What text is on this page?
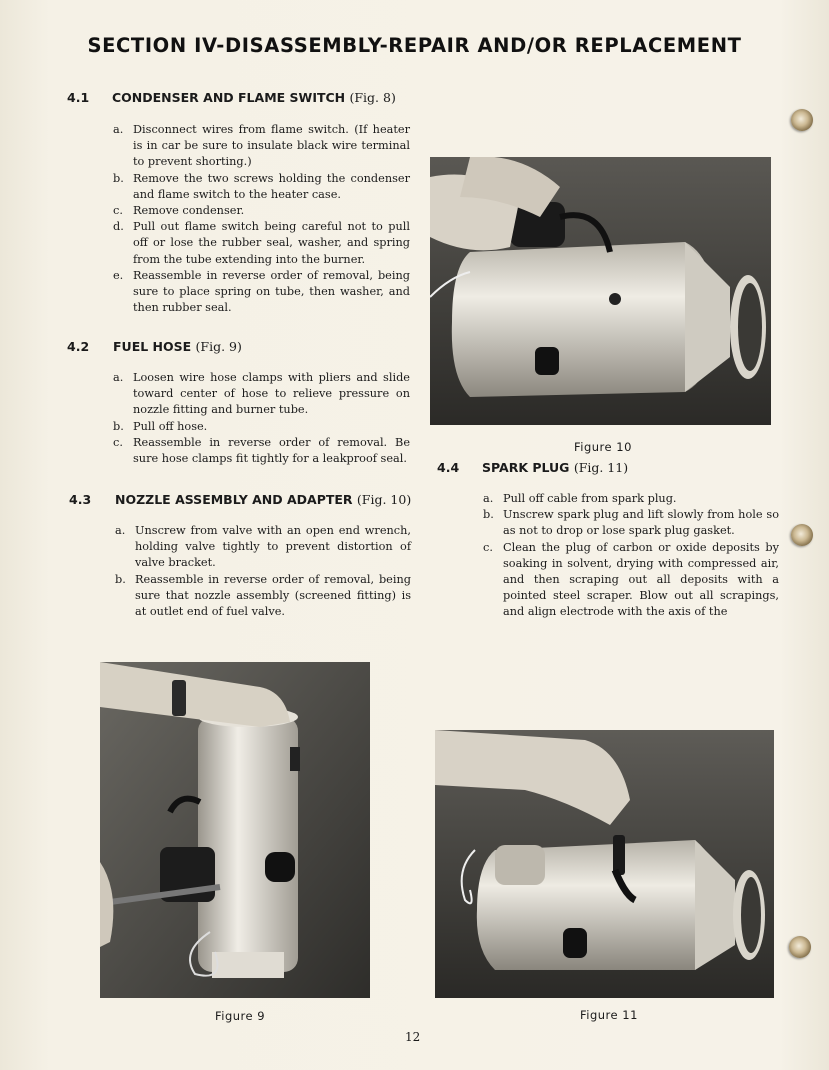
SECTION IV-DISASSEMBLY-REPAIR AND/OR REPLACEMENT
4.1 CONDENSER AND FLAME SWITCH (Fig. 8)
a. Disconnect wires from flame switch. (If heater is in car be sure to insulate black wire terminal to prevent shorting.)
b. Remove the two screws holding the condenser and flame switch to the heater case.
c. Remove condenser.
d. Pull out flame switch being careful not to pull off or lose the rubber seal, washer, and spring from the tube extending into the burner.
e. Reassemble in reverse order of removal, being sure to place spring on tube, then washer, and then rubber seal.
4.2 FUEL HOSE (Fig. 9)
a. Loosen wire hose clamps with pliers and slide toward center of hose to relieve pressure on nozzle fitting and burner tube.
b. Pull off hose.
c. Reassemble in reverse order of removal. Be sure hose clamps fit tightly for a leakproof seal.
4.3 NOZZLE ASSEMBLY AND ADAPTER (Fig. 10)
a. Unscrew from valve with an open end wrench, holding valve tightly to prevent distortion of valve bracket.
b. Reassemble in reverse order of removal, being sure that nozzle assembly (screened fitting) is at outlet end of fuel valve.
Figure 10
4.4 SPARK PLUG (Fig. 11)
a. Pull off cable from spark plug.
b. Unscrew spark plug and lift slowly from hole so as not to drop or lose spark plug gasket.
c. Clean the plug of carbon or oxide deposits by soaking in solvent, drying with compressed air, and then scraping out all deposits with a pointed steel scraper. Blow out all scrapings, and align electrode with the axis of the
Figure 9	Figure 11
12
